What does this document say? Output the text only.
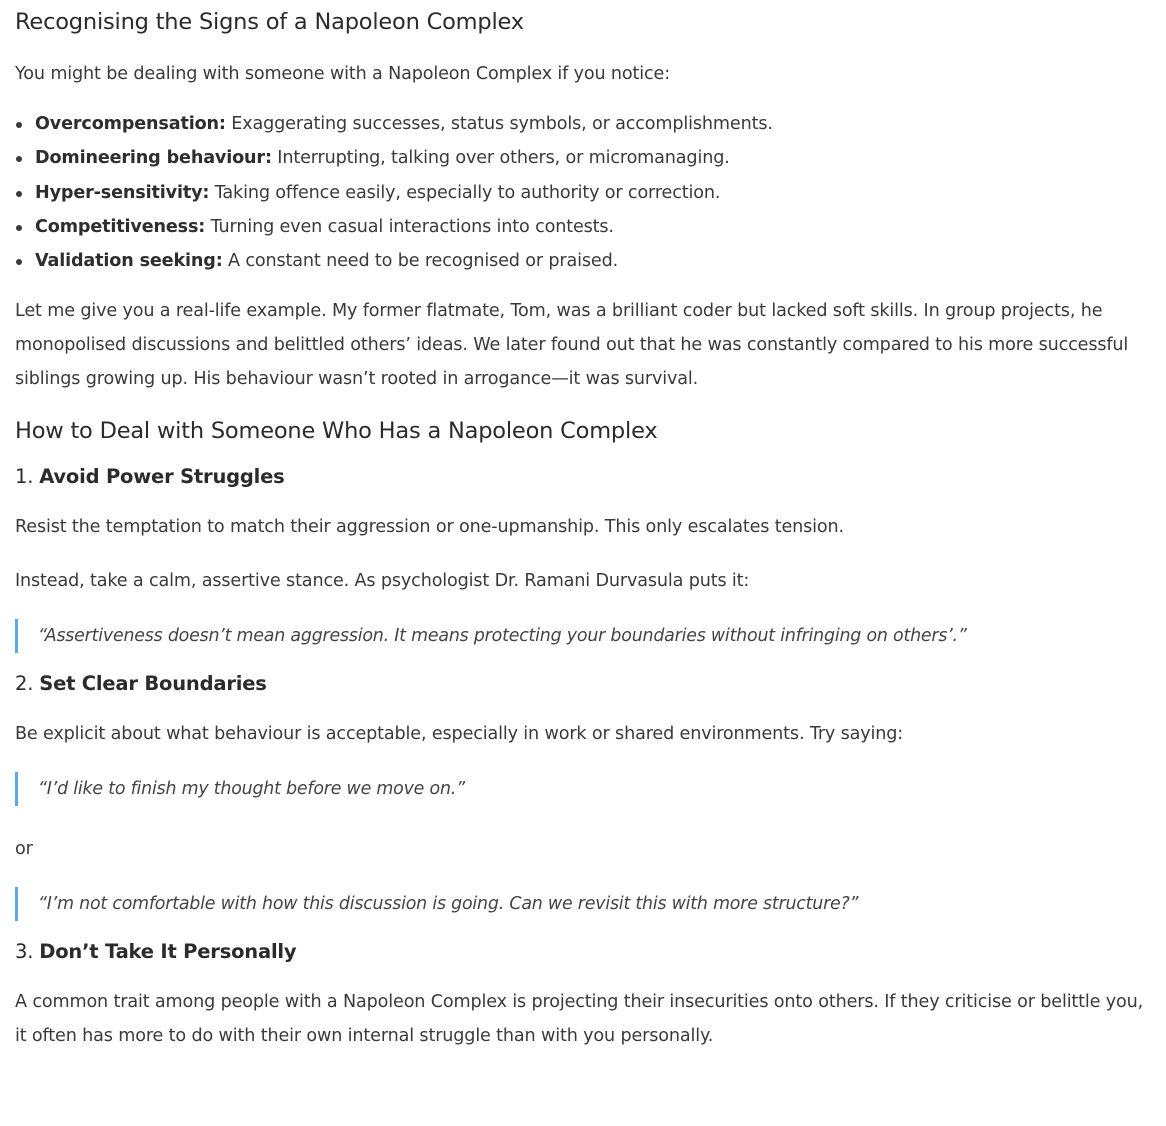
Recognising the Signs of a Napoleon Complex

You might be dealing with someone with a Napoleon Complex if you notice:

Overcompensation: Exaggerating successes, status symbols, or accomplishments.
Domineering behaviour: Interrupting, talking over others, or micromanaging.
Hyper-sensitivity: Taking offence easily, especially to authority or correction.
Competitiveness: Turning even casual interactions into contests.
Validation seeking: A constant need to be recognised or praised.

Let me give you a real-life example. My former flatmate, Tom, was a brilliant coder but lacked soft skills. In group projects, he monopolised discussions and belittled others’ ideas. We later found out that he was constantly compared to his more successful siblings growing up. His behaviour wasn’t rooted in arrogance—it was survival.

How to Deal with Someone Who Has a Napoleon Complex
1. Avoid Power Struggles

Resist the temptation to match their aggression or one-upmanship. This only escalates tension.

Instead, take a calm, assertive stance. As psychologist Dr. Ramani Durvasula puts it:

“Assertiveness doesn’t mean aggression. It means protecting your boundaries without infringing on others’.”
2. Set Clear Boundaries

Be explicit about what behaviour is acceptable, especially in work or shared environments. Try saying:

“I’d like to finish my thought before we move on.”

or

“I’m not comfortable with how this discussion is going. Can we revisit this with more structure?”
3. Don’t Take It Personally

A common trait among people with a Napoleon Complex is projecting their insecurities onto others. If they criticise or belittle you, it often has more to do with their own internal struggle than with you personally.
